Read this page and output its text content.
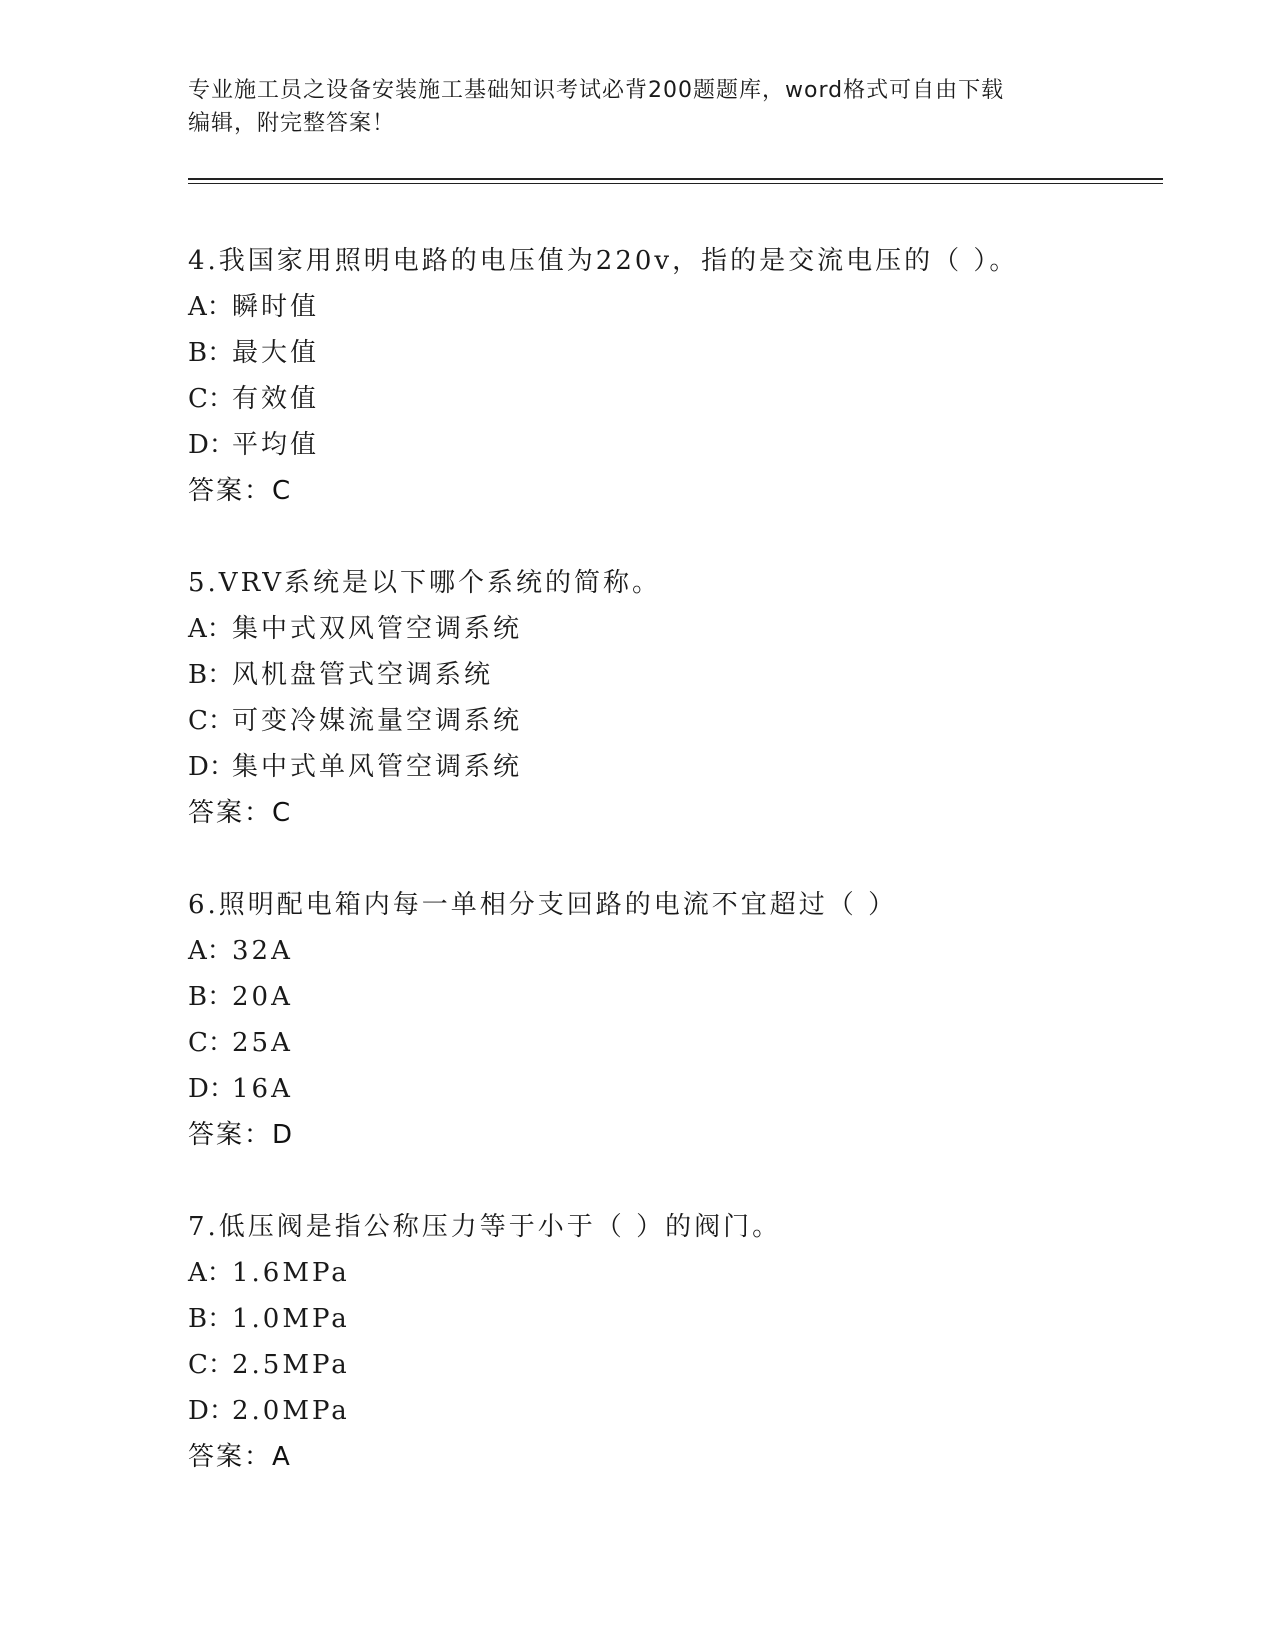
专业施工员之设备安装施工基础知识考试必背200题题库，word格式可自由下载
编辑，附完整答案！
4.我国家用照明电路的电压值为220v，指的是交流电压的（ ）。
A：瞬时值
B：最大值
C：有效值
D：平均值
答案：C
5.VRV系统是以下哪个系统的简称。
A：集中式双风管空调系统
B：风机盘管式空调系统
C：可变冷媒流量空调系统
D：集中式单风管空调系统
答案：C
6.照明配电箱内每一单相分支回路的电流不宜超过（ ）
A：32A
B：20A
C：25A
D：16A
答案：D
7.低压阀是指公称压力等于小于（ ）的阀门。
A：1.6MPa
B：1.0MPa
C：2.5MPa
D：2.0MPa
答案：A
